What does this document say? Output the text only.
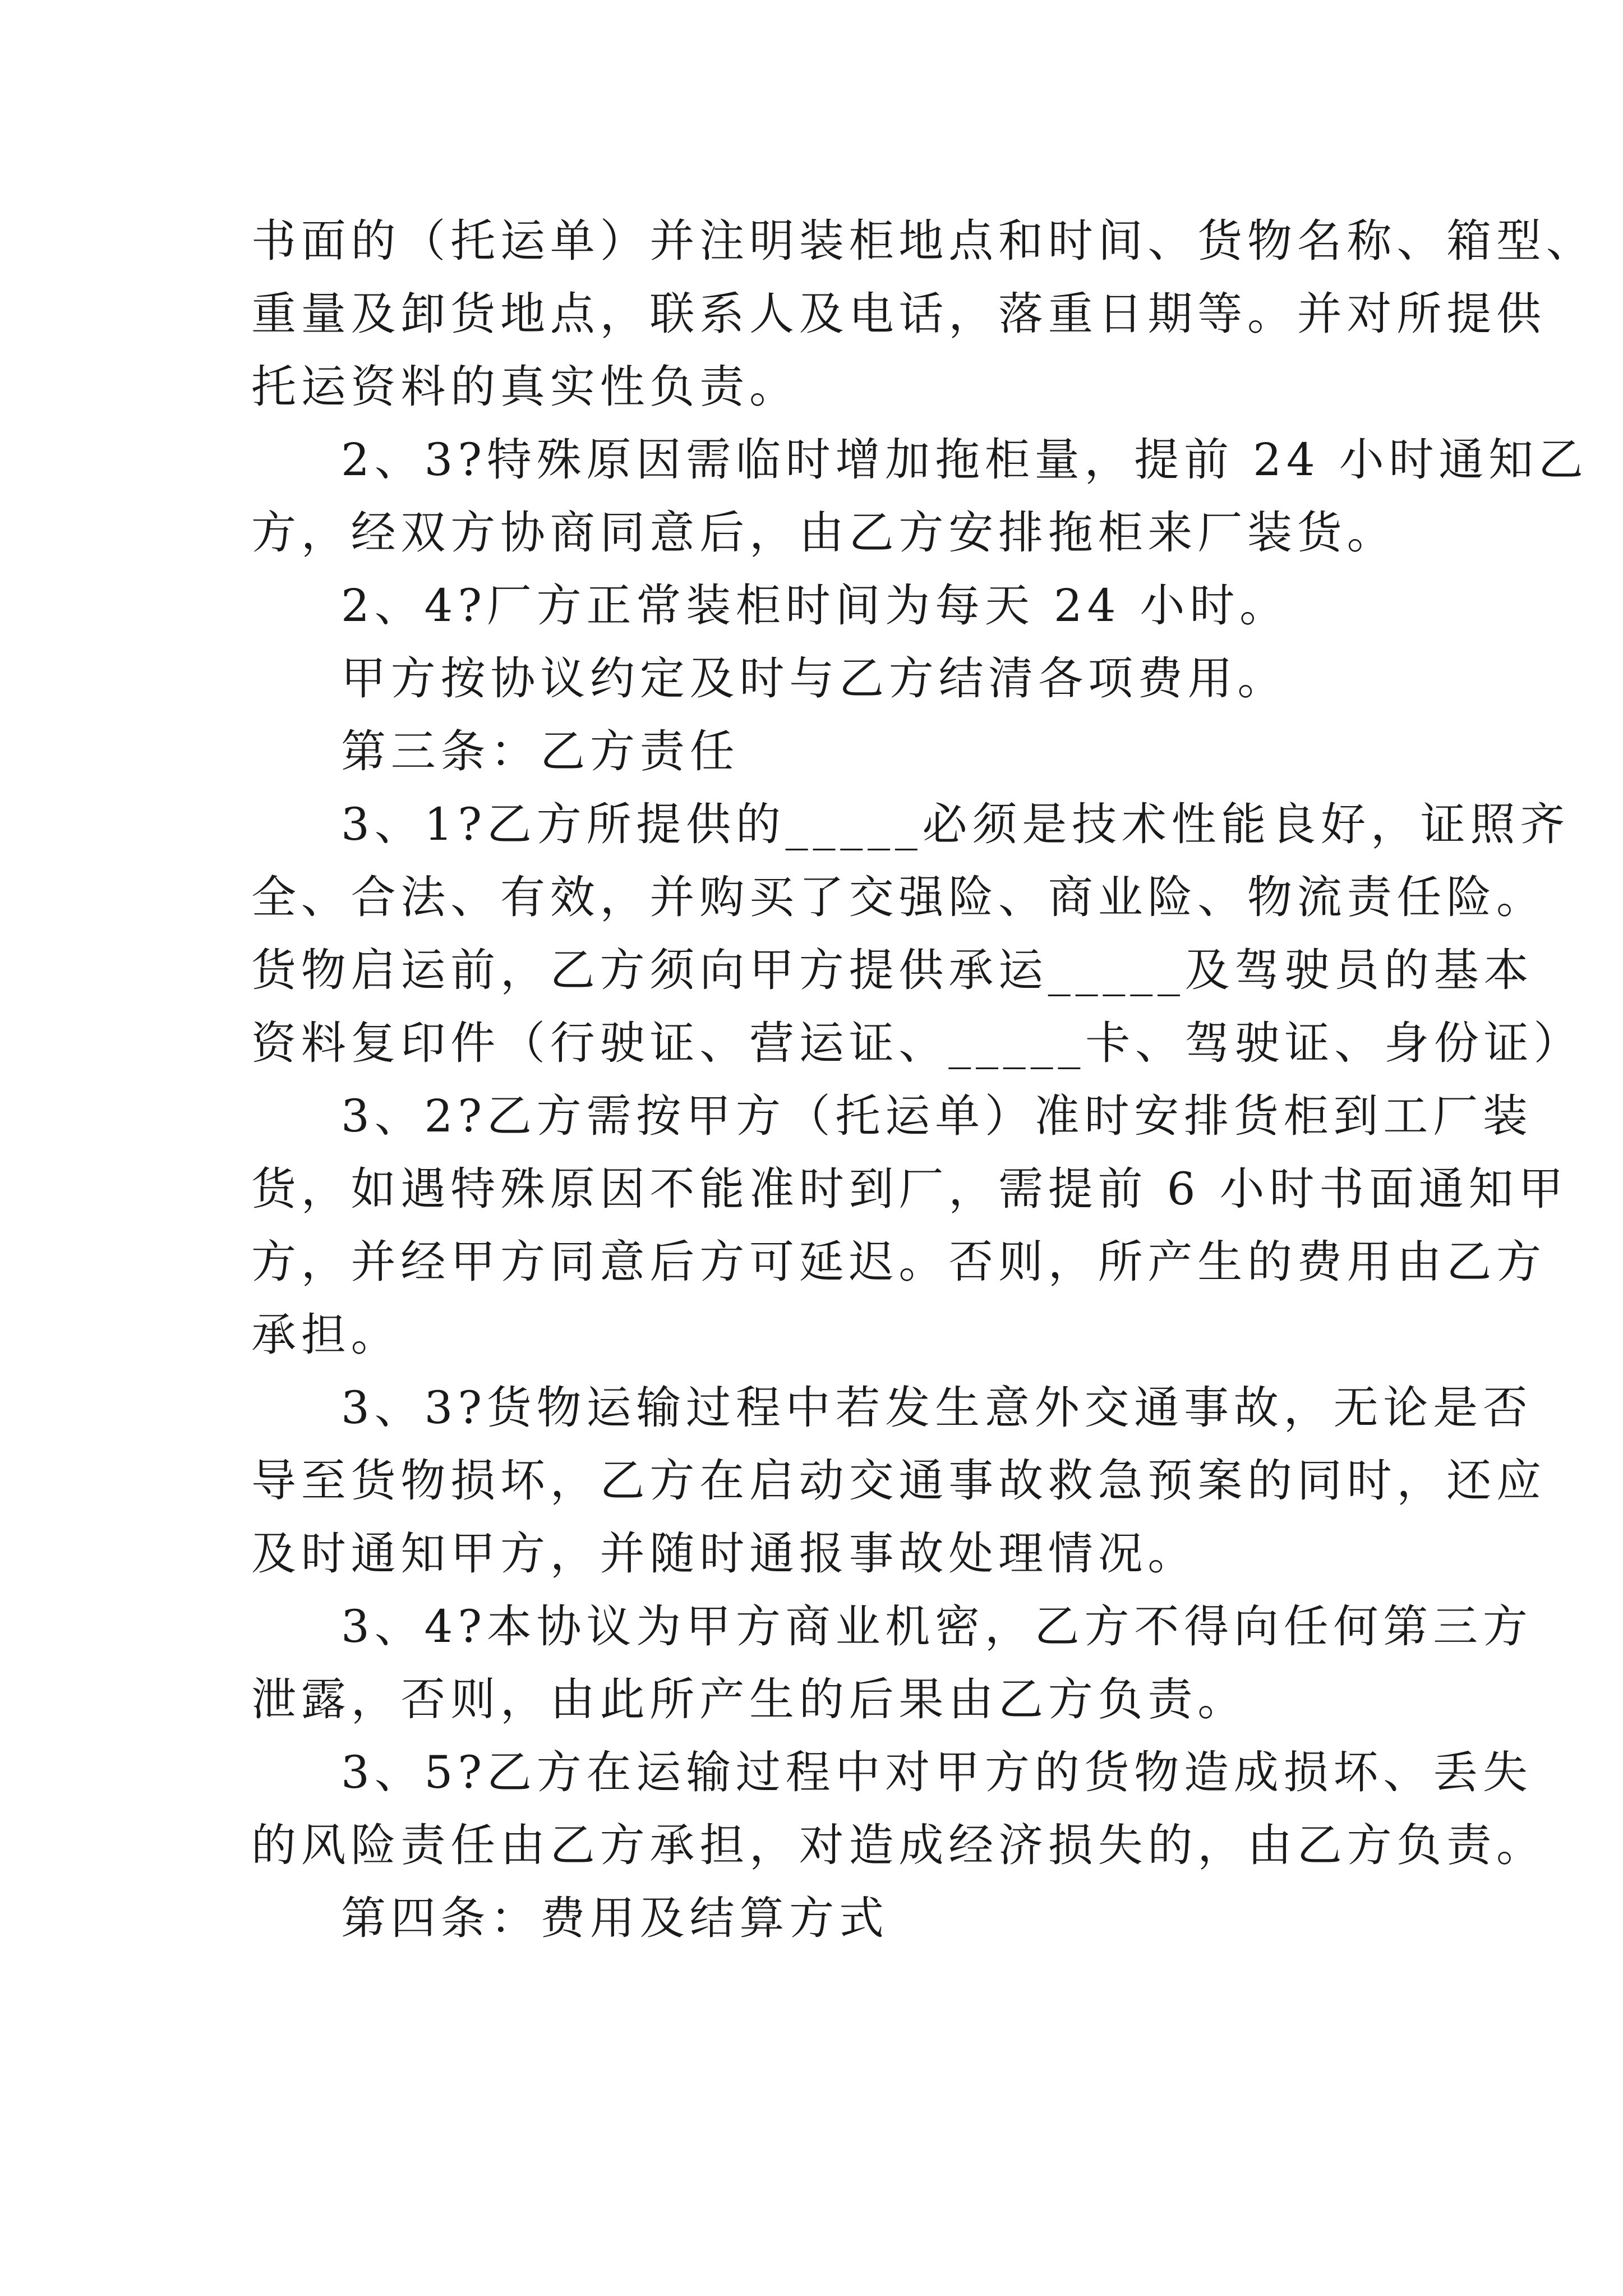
书面的（托运单）并注明装柜地点和时间、货物名称、箱型、

重量及卸货地点，联系人及电话，落重日期等。并对所提供

托运资料的真实性负责。

2、3?特殊原因需临时增加拖柜量，提前 24 小时通知乙

方，经双方协商同意后，由乙方安排拖柜来厂装货。

2、4?厂方正常装柜时间为每天 24 小时。

甲方按协议约定及时与乙方结清各项费用。

第三条：乙方责任

3、1?乙方所提供的_____必须是技术性能良好，证照齐

全、合法、有效，并购买了交强险、商业险、物流责任险。

货物启运前，乙方须向甲方提供承运_____及驾驶员的基本

资料复印件（行驶证、营运证、_____卡、驾驶证、身份证）

3、2?乙方需按甲方（托运单）准时安排货柜到工厂装

货，如遇特殊原因不能准时到厂，需提前 6 小时书面通知甲

方，并经甲方同意后方可延迟。否则，所产生的费用由乙方

承担。

3、3?货物运输过程中若发生意外交通事故，无论是否

导至货物损坏，乙方在启动交通事故救急预案的同时，还应

及时通知甲方，并随时通报事故处理情况。

3、4?本协议为甲方商业机密，乙方不得向任何第三方

泄露，否则，由此所产生的后果由乙方负责。

3、5?乙方在运输过程中对甲方的货物造成损坏、丢失

的风险责任由乙方承担，对造成经济损失的，由乙方负责。

第四条：费用及结算方式
